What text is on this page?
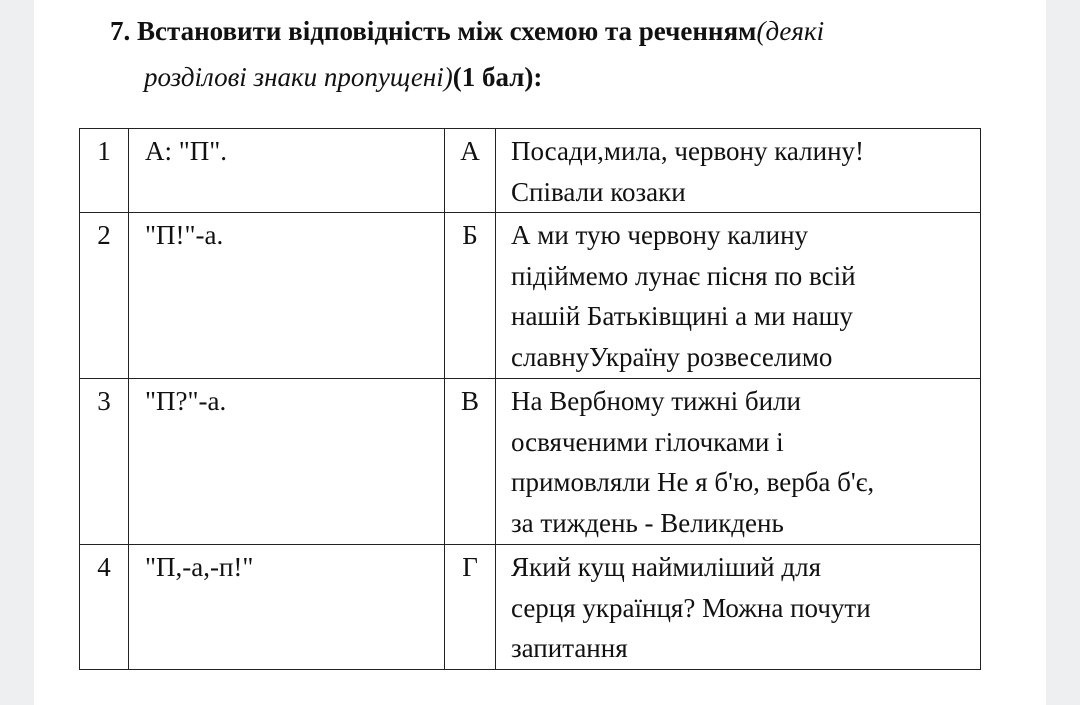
7. Встановити відповідність між схемою та реченням(деякі
розділові знаки пропущені)(1 бал):
1	А: "П".	А	Посади,мила, червону калину!
Співали козаки

2	"П!"-а.	Б	А ми тую червону калину
підіймемо лунає пісня по всій
нашій Батьківщині а ми нашу
славнуУкраїну розвеселимо

3	"П?"-а.	В	На Вербному тижні били
освяченими гілочками і
примовляли Не я б'ю, верба б'є,
за тиждень - Великдень

4	"П,-а,-п!"	Г	Який кущ наймиліший для
серця українця? Можна почути
запитання
